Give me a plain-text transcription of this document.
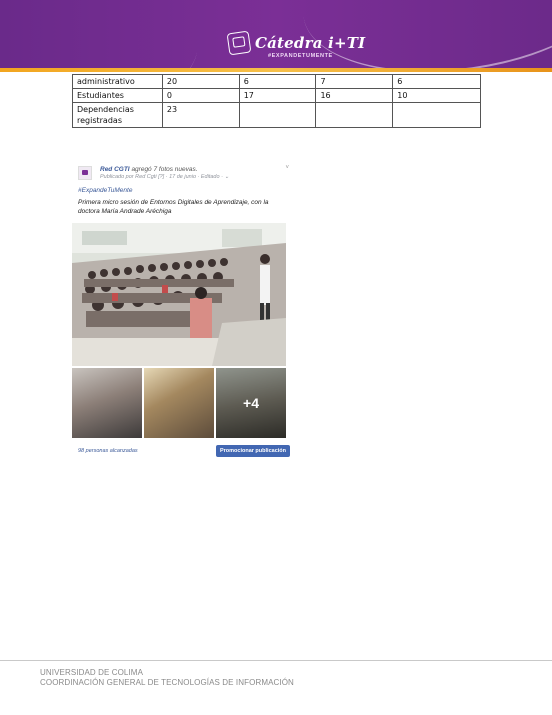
Cátedra i+TI
#EXPANDETUMENTE
administrativo	20	6	7	6
Estudiantes	0	17	16	10
Dependencias registradas	23			
Red CGTI agregó 7 fotos nuevas.
Publicado por Red Cgti [?] · 17 de junio · Editado · ⌄
˅
#ExpandeTuMente
Primera micro sesión de Entornos Digitales de Aprendizaje, con la doctora María Andrade Aréchiga
+4
98 personas alcanzadas	Promocionar publicación
UNIVERSIDAD DE COLIMA
COORDINACIÓN GENERAL DE TECNOLOGÍAS DE INFORMACIÓN
